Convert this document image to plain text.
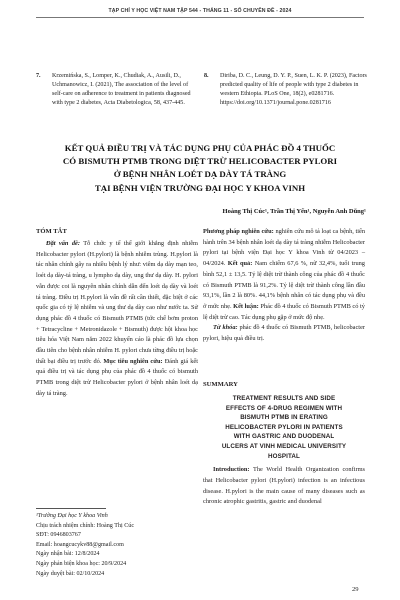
TẠP CHÍ Y HỌC VIỆT NAM TẬP 544 - THÁNG 11 - SỐ CHUYÊN ĐỀ - 2024
7.	Krzemińska, S., Lomper, K., Chudiak, A., Ausili, D., Uchmanowicz, I. (2021), The association of the level of self-care on adherence to treatment in patients diagnosed with type 2 diabetes, Acta Diabetologica, 58, 437-445.
8.	Diriba, D. C., Leung, D. Y. P., Suen, L. K. P. (2023), Factors predicted quality of life of people with type 2 diabetes in western Ethiopia. PLoS One, 18(2), e0281716. https://doi.org/10.1371/journal.pone.0281716
KẾT QUẢ ĐIỀU TRỊ VÀ TÁC DỤNG PHỤ CỦA PHÁC ĐỒ 4 THUỐC
CÓ BISMUTH PTMB TRONG DIỆT TRỪ HELICOBACTER PYLORI
Ở BỆNH NHÂN LOÉT DẠ DÀY TÁ TRÀNG
TẠI BỆNH VIỆN TRƯỜNG ĐẠI HỌC Y KHOA VINH
Hoàng Thị Cúc¹, Trần Thị Yến¹, Nguyễn Anh Dũng¹
TÓM TẮT

Đặt vấn đề: Tỗ chức y tế thế giới khẳng định nhiễm Helicobacter pylori (H.pylori) là bệnh nhiễm trùng. H.pylori là tác nhân chính gây ra nhiều bệnh lý như: viêm dạ dày mạn teo, loét dạ dày-tá tràng, u lympho dạ dày, ung thư dạ dày. H. pylori vẫn được coi là nguyên nhân chính dẫn đến loét dạ dày và loét tá tràng. Điều trị H.pylori là vấn đề rất cần thiết, đặc biệt ở các quốc gia có tỷ lệ nhiễm và ung thư dạ dày cao như nước ta. Sử dụng phác đồ 4 thuốc có Bismuth PTMB (tức chế bơm proton + Tetracycline + Metronidazole + Bismuth) được hội khoa học tiêu hóa Việt Nam năm 2022 khuyến cáo là phác đồ lựa chọn đầu tiên cho bệnh nhân nhiễm H. pylori chưa từng điều trị hoặc thất bại điều trị trước đó. Mục tiêu nghiên cứu: Đánh giá kết quả điều trị và tác dụng phụ của phác đồ 4 thuốc có bismuth PTMB trong diệt trừ Helicobacter pylori ở bệnh nhân loét dạ dày tá tràng.

¹Trường Đại học Y khoa Vinh
Chịu trách nhiệm chính: Hoàng Thị Cúc
SĐT: 0946803767
Email: hoangcucykv88@gmail.com
Ngày nhận bài: 12/8/2024
Ngày phản biện khoa học: 20/9/2024
Ngày duyệt bài: 02/10/2024

Phương pháp nghiên cứu: nghiên cứu mô tả loạt ca bệnh, tiến hành trên 34 bệnh nhân loét dạ dày tá tràng nhiễm Helicobacter pylori tại bệnh viện Đại học Y khoa Vinh từ 04/2023 – 04/2024. Kết quả: Nam chiếm 67,6 %, nữ 32,4%, tuổi trung bình 52,1 ± 13,5. Tỷ lệ diệt trừ thành công của phác đồ 4 thuốc có Bismuth PTMB là 91,2%. Tỷ lệ diệt trừ thành công lần đầu 93,1%, lần 2 là 80%. 44,1% bệnh nhân có tác dụng phụ và đều ở mức nhẹ. Kết luận: Phác đồ 4 thuốc có Bismuth PTMB có tỷ lệ diệt trừ cao. Tác dụng phụ gặp ở mức độ nhẹ.

Từ khóa: phác đồ 4 thuốc có Bismuth PTMB, helicobacter pylori, hiệu quả điều trị.

SUMMARY
TREATMENT RESULTS AND SIDE
EFFECTS OF 4-DRUG REGIMEN WITH
BISMUTH PTMB IN ERATING
HELICOBACTER PYLORI IN PATIENTS
WITH GASTRIC AND DUODENAL
ULCERS AT VINH MEDICAL UNIVERSITY
HOSPITAL

Introduction: The World Health Organization confirms that Helicobacter pylori (H.pylori) infection is an infectious disease. H.pylori is the main cause of many diseases such as chronic atrophic gastritis, gastric and duodenal

29
